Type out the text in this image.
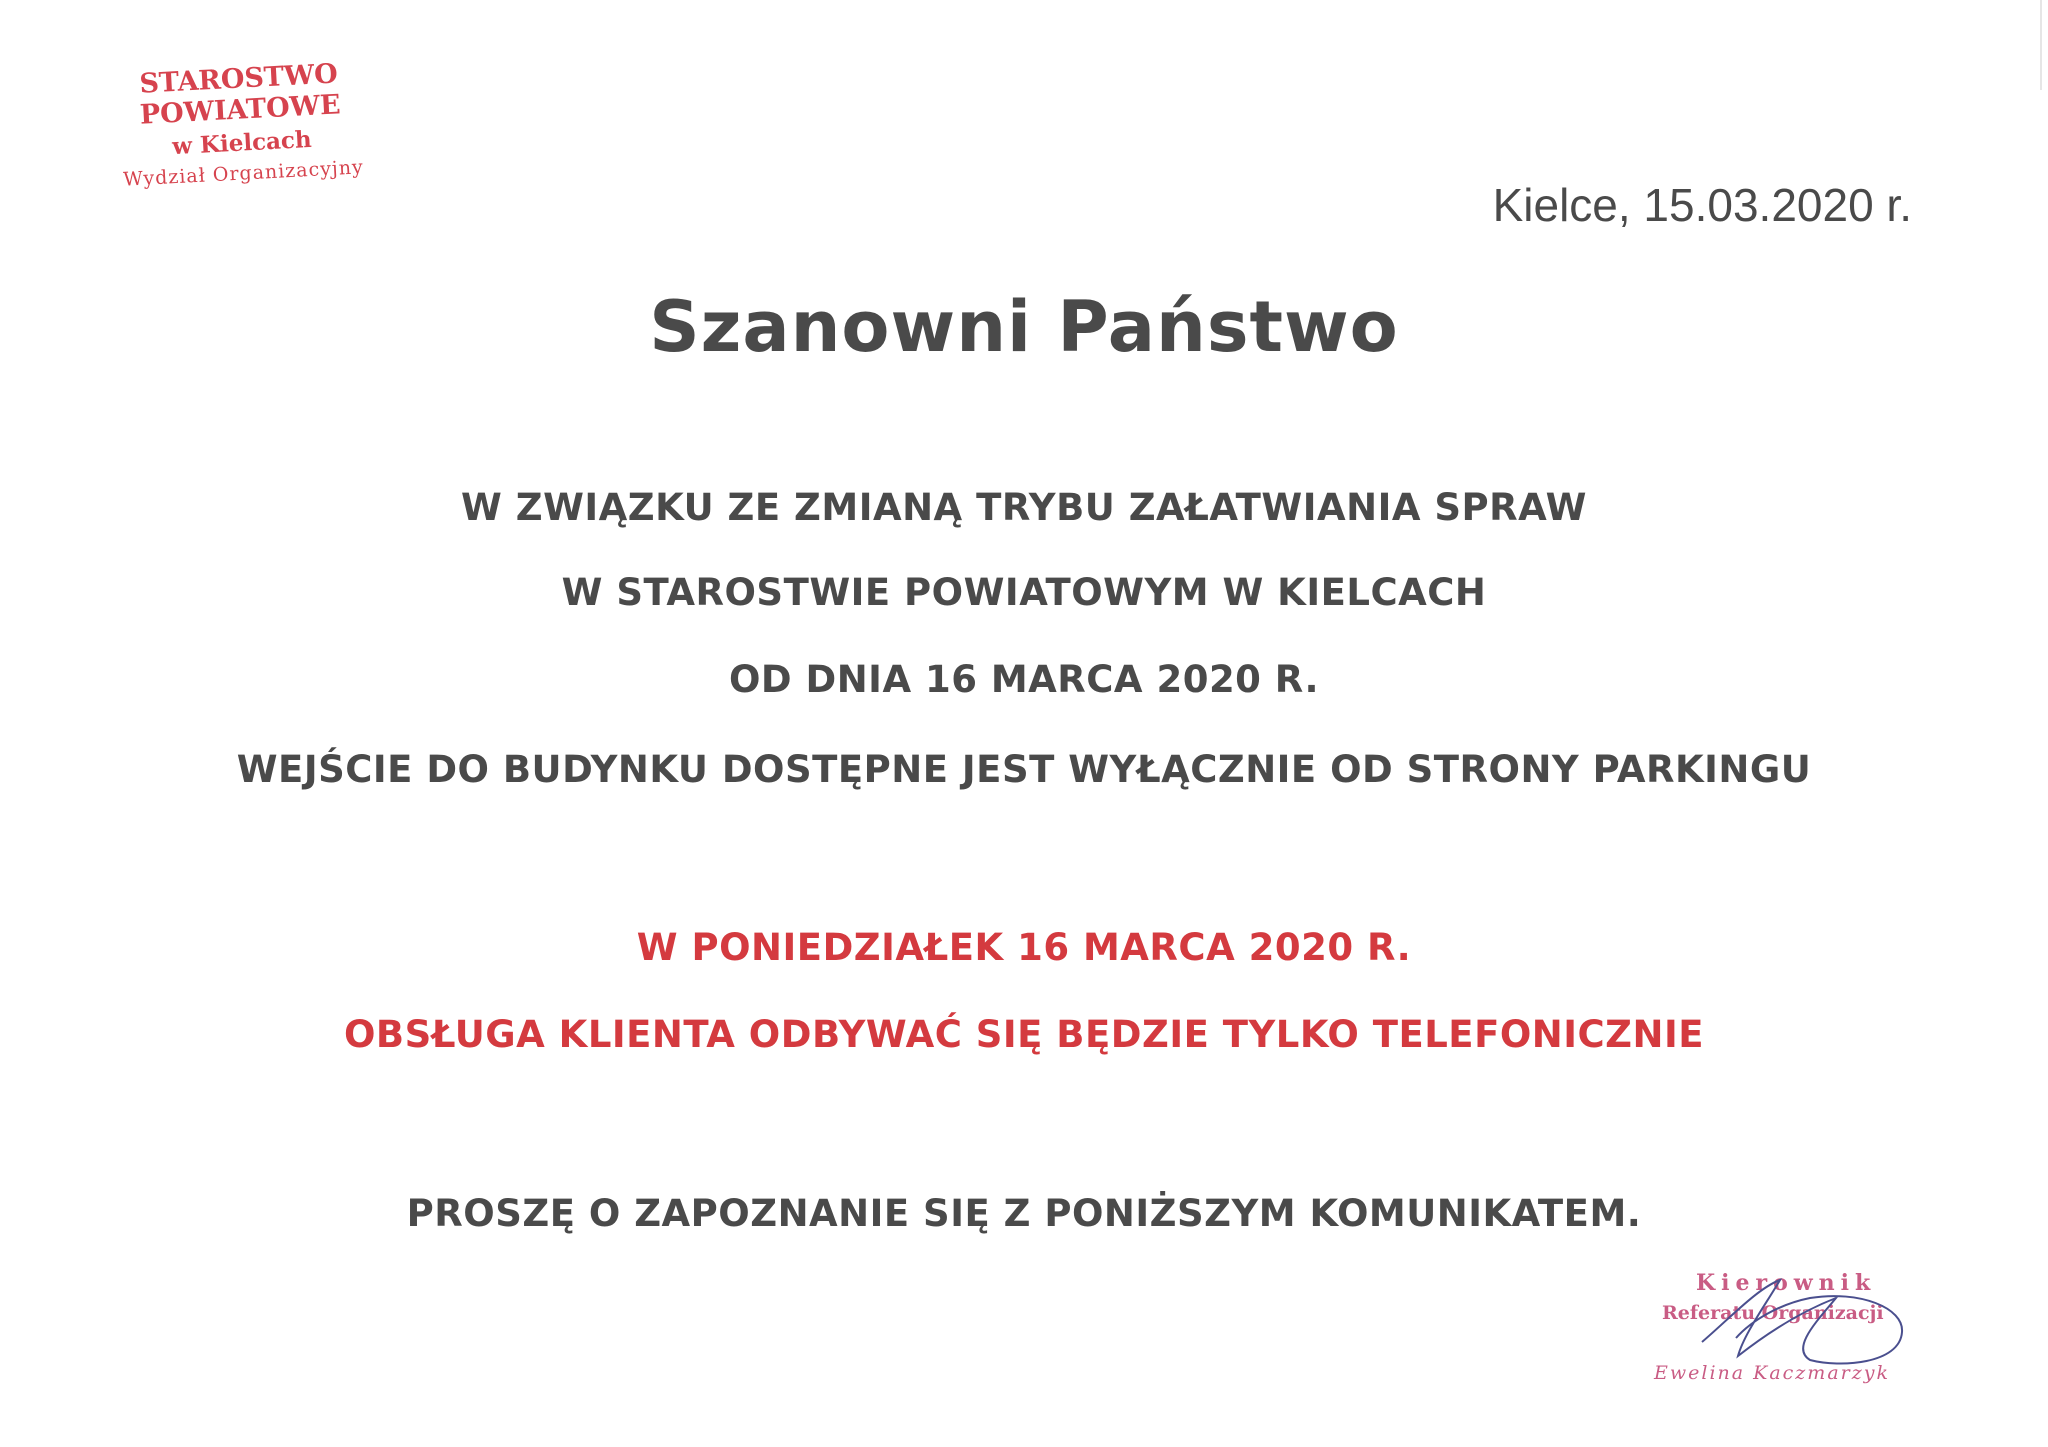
STAROSTWO POWIATOWE
w Kielcach
Wydział Organizacyjny
Kielce, 15.03.2020 r.
Szanowni Państwo
W ZWIĄZKU ZE ZMIANĄ TRYBU ZAŁATWIANIA SPRAW
W STAROSTWIE POWIATOWYM W KIELCACH
OD DNIA 16 MARCA 2020 R.
WEJŚCIE DO BUDYNKU DOSTĘPNE JEST WYŁĄCZNIE OD STRONY PARKINGU
W PONIEDZIAŁEK 16 MARCA 2020 R.
OBSŁUGA KLIENTA ODBYWAĆ SIĘ BĘDZIE TYLKO TELEFONICZNIE
PROSZĘ O ZAPOZNANIE SIĘ Z PONIŻSZYM KOMUNIKATEM.
Kierownik
Referatu Organizacji
Ewelina Kaczmarzyk
